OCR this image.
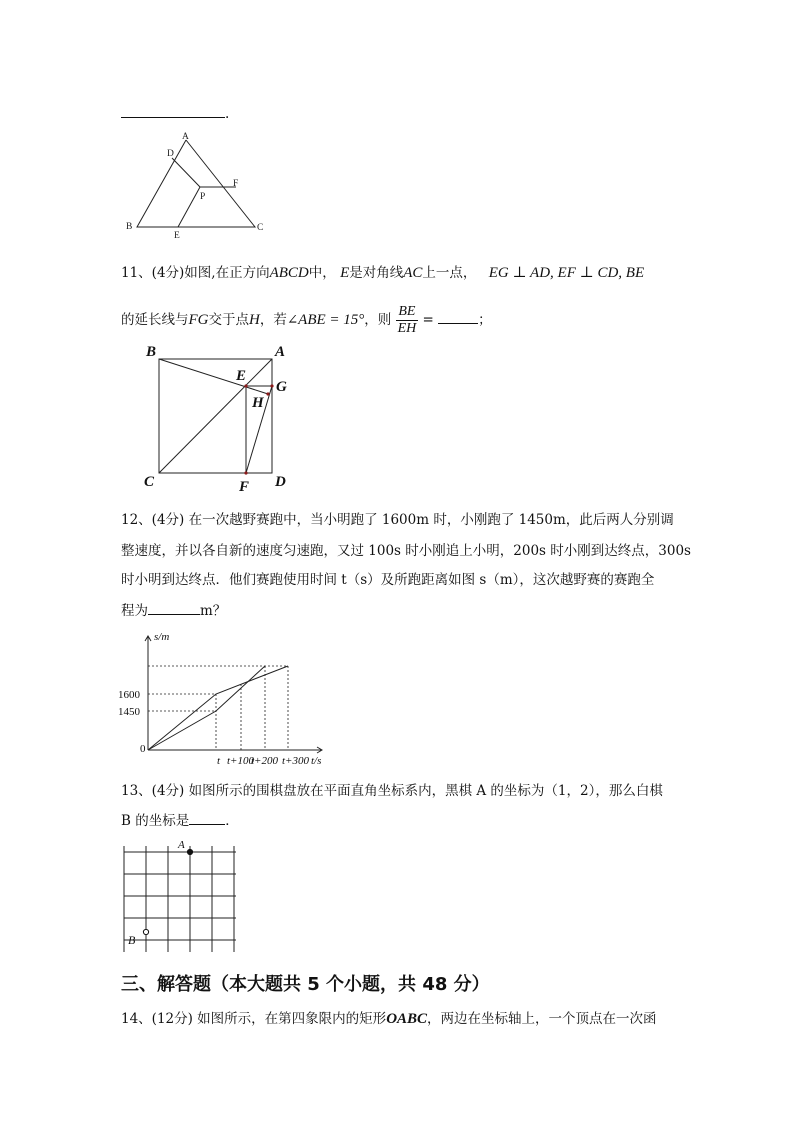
.
A
B	C
D
E
F
P
11、(4分)如图,在正方向ABCD中， E是对角线AC上一点， EG ⊥ AD, EF ⊥ CD, BE
的延长线与FG交于点H，若∠ABE = 15°，则 $\frac{BE}{EH}$ =	；
B	A
E
G
H
C	F D
12、(4分) 在一次越野赛跑中，当小明跑了 1600m 时，小刚跑了 1450m，此后两人分别调
整速度，并以各自新的速度匀速跑，又过 100s 时小刚追上小明，200s 时小刚到达终点，300s
时小明到达终点．他们赛跑使用时间 t（s）及所跑距离如图 s（m），这次越野赛的赛跑全
程为	m？
s/m
t/s
1600
1450
0
t t+100
t+200 t+300
13、(4分) 如图所示的围棋盘放在平面直角坐标系内，黑棋 A 的坐标为（1，2），那么白棋
B 的坐标是	．
A
B
三、解答题（本大题共 5 个小题，共 48 分）
14、(12分) 如图所示，在第四象限内的矩形OABC，两边在坐标轴上，一个顶点在一次函
